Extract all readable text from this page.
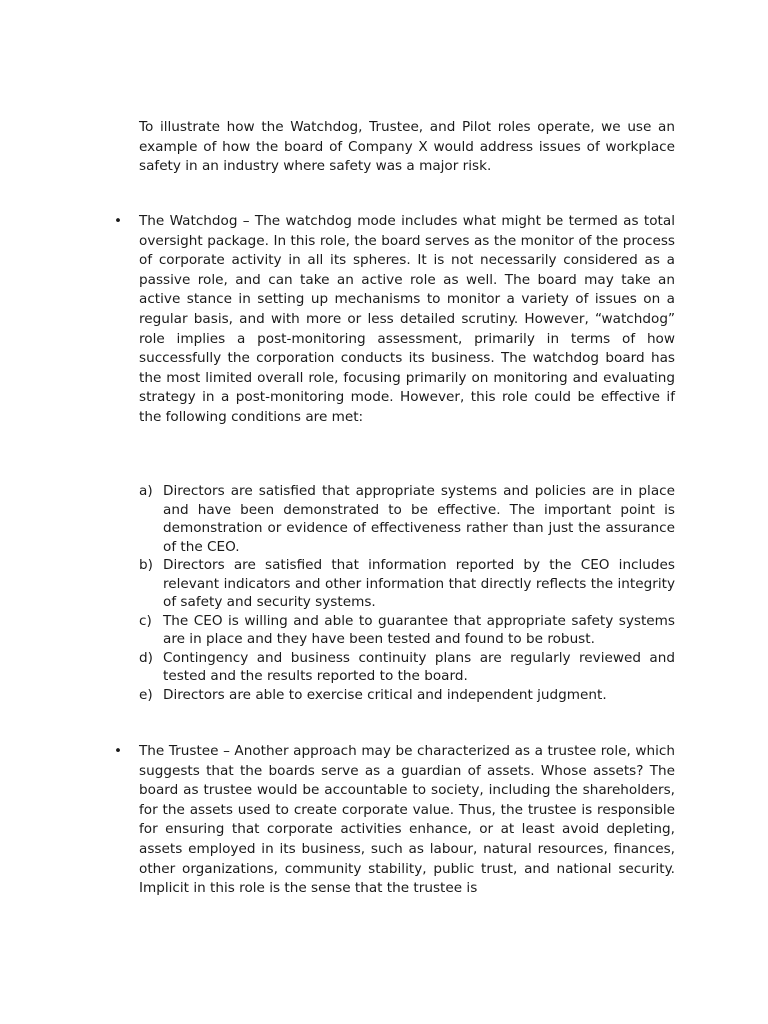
To illustrate how the Watchdog, Trustee, and Pilot roles operate, we use an example of how the board of Company X would address issues of workplace safety in an industry where safety was a major risk.

• The Watchdog – The watchdog mode includes what might be termed as total oversight package. In this role, the board serves as the monitor of the process of corporate activity in all its spheres. It is not necessarily considered as a passive role, and can take an active role as well. The board may take an active stance in setting up mechanisms to monitor a variety of issues on a regular basis, and with more or less detailed scrutiny. However, “watchdog” role implies a post-monitoring assessment, primarily in terms of how successfully the corporation conducts its business. The watchdog board has the most limited overall role, focusing primarily on monitoring and evaluating strategy in a post-monitoring mode. However, this role could be effective if the following conditions are met:

a) Directors are satisfied that appropriate systems and policies are in place and have been demonstrated to be effective. The important point is demonstration or evidence of effectiveness rather than just the assurance of the CEO.
b) Directors are satisfied that information reported by the CEO includes relevant indicators and other information that directly reflects the integrity of safety and security systems.
c) The CEO is willing and able to guarantee that appropriate safety systems are in place and they have been tested and found to be robust.
d) Contingency and business continuity plans are regularly reviewed and tested and the results reported to the board.
e) Directors are able to exercise critical and independent judgment.
• The Trustee – Another approach may be characterized as a trustee role, which suggests that the boards serve as a guardian of assets. Whose assets? The board as trustee would be accountable to society, including the shareholders, for the assets used to create corporate value. Thus, the trustee is responsible for ensuring that corporate activities enhance, or at least avoid depleting, assets employed in its business, such as labour, natural resources, finances, other organizations, community stability, public trust, and national security. Implicit in this role is the sense that the trustee is
